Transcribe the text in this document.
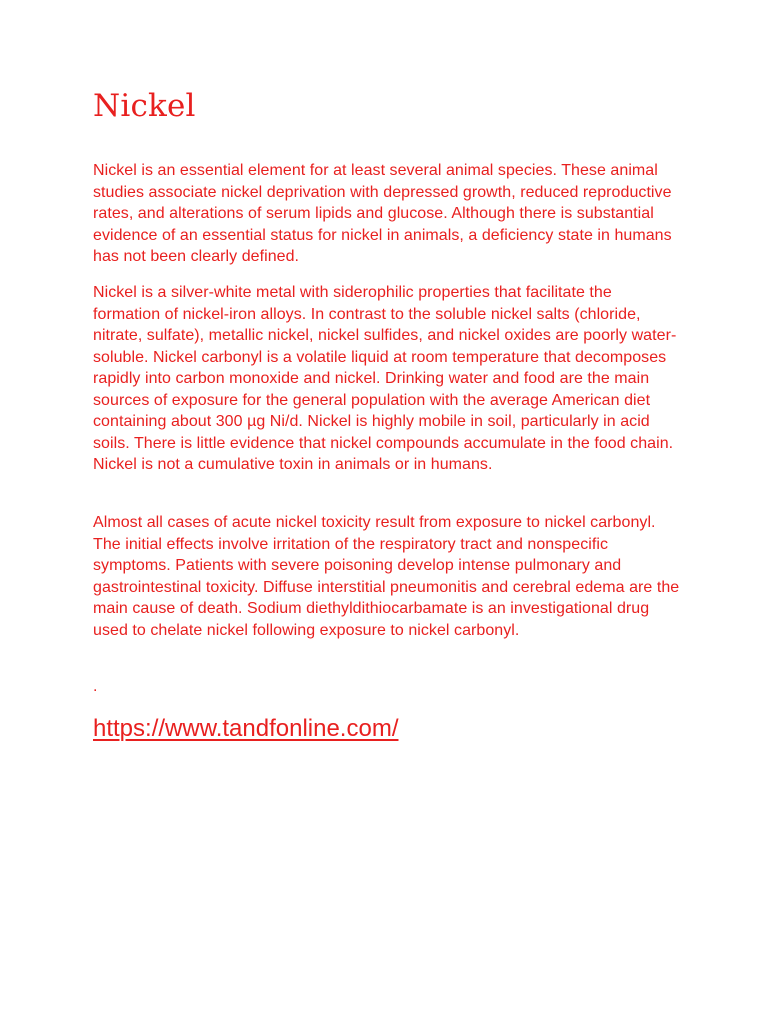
Nickel

Nickel is an essential element for at least several animal species. These animal studies associate nickel deprivation with depressed growth, reduced reproductive rates, and alterations of serum lipids and glucose. Although there is substantial evidence of an essential status for nickel in animals, a deficiency state in humans has not been clearly defined.

Nickel is a silver-white metal with siderophilic properties that facilitate the formation of nickel-iron alloys. In contrast to the soluble nickel salts (chloride, nitrate, sulfate), metallic nickel, nickel sulfides, and nickel oxides are poorly water-soluble. Nickel carbonyl is a volatile liquid at room temperature that decomposes rapidly into carbon monoxide and nickel. Drinking water and food are the main sources of exposure for the general population with the average American diet containing about 300 µg Ni/d. Nickel is highly mobile in soil, particularly in acid soils. There is little evidence that nickel compounds accumulate in the food chain. Nickel is not a cumulative toxin in animals or in humans.

Almost all cases of acute nickel toxicity result from exposure to nickel carbonyl. The initial effects involve irritation of the respiratory tract and nonspecific symptoms. Patients with severe poisoning develop intense pulmonary and gastrointestinal toxicity. Diffuse interstitial pneumonitis and cerebral edema are the main cause of death. Sodium diethyldithiocarbamate is an investigational drug used to chelate nickel following exposure to nickel carbonyl.

.

https://www.tandfonline.com/
